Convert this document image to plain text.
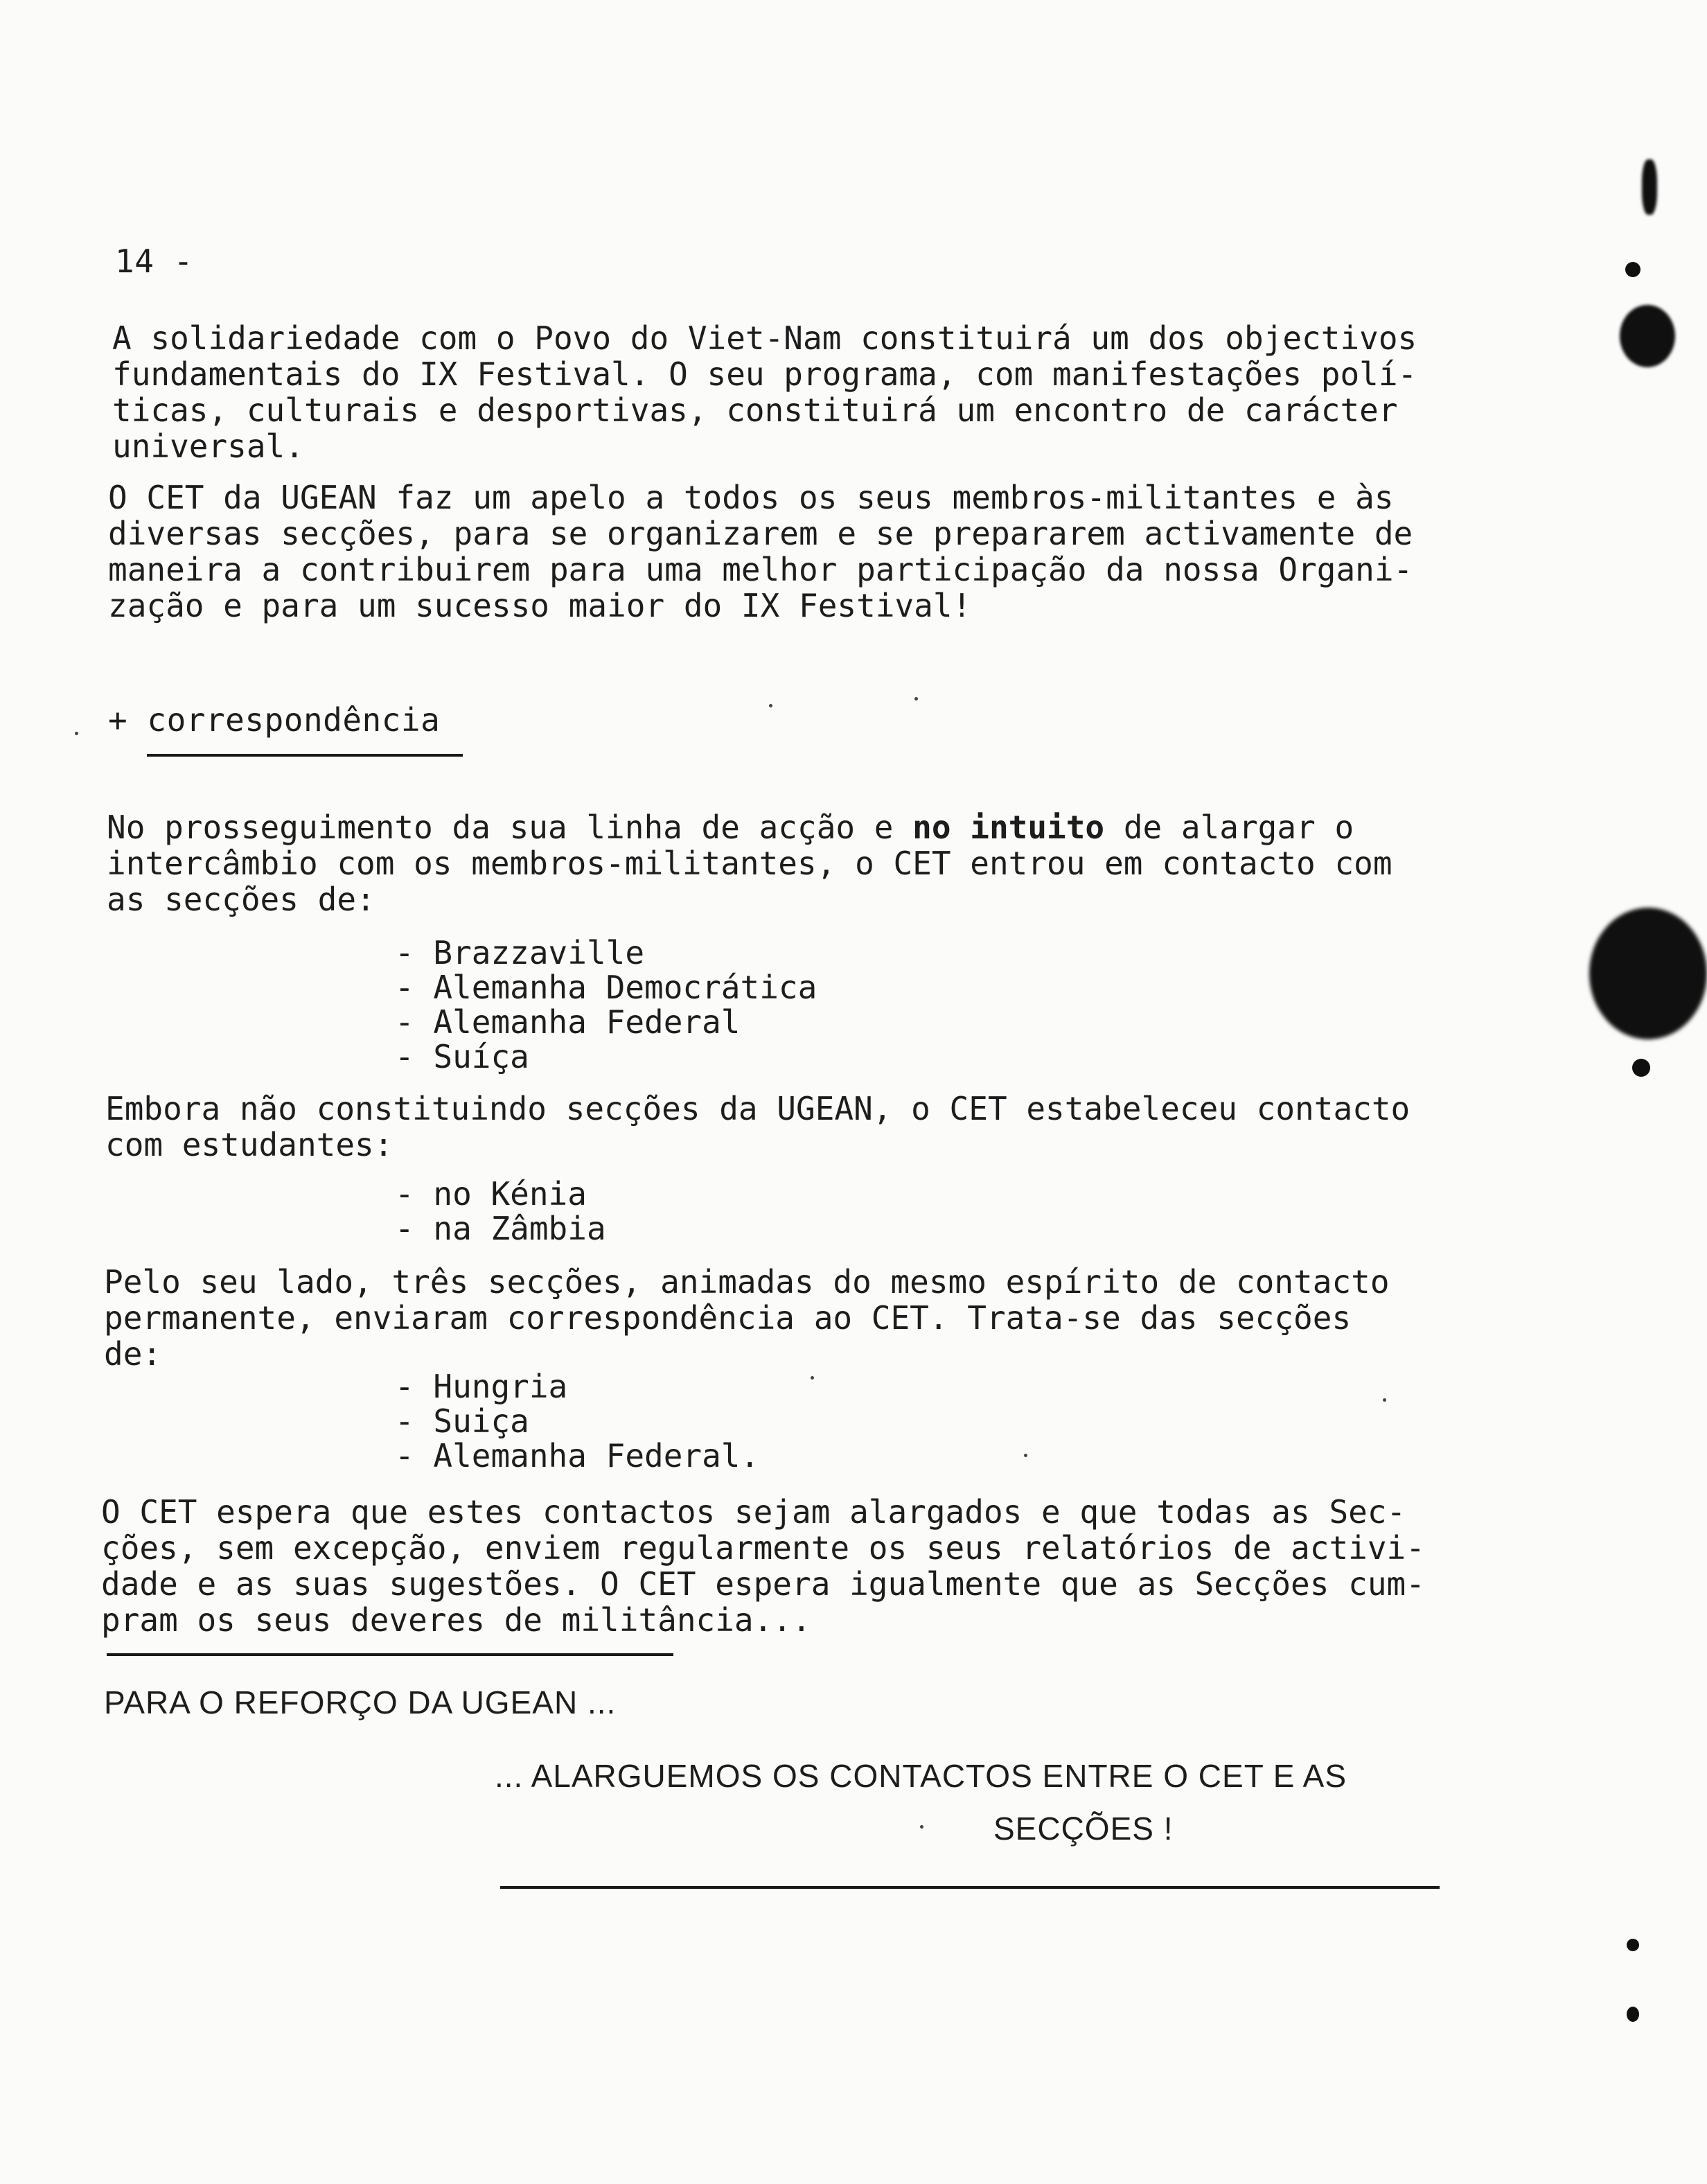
14 -

A solidariedade com o Povo do Viet-Nam constituirá um dos objectivos
fundamentais do IX Festival. O seu programa, com manifestações polí-
ticas, culturais e desportivas, constituirá um encontro de carácter
universal.
O CET da UGEAN faz um apelo a todos os seus membros-militantes e às
diversas secções, para se organizarem e se prepararem activamente de
maneira a contribuirem para uma melhor participação da nossa Organi-
zação e para um sucesso maior do IX Festival!

+ correspondência

No prosseguimento da sua linha de acção e no intuito de alargar o
intercâmbio com os membros-militantes, o CET entrou em contacto com
as secções de:
- Brazzaville
- Alemanha Democrática
- Alemanha Federal
- Suíça
Embora não constituindo secções da UGEAN, o CET estabeleceu contacto
com estudantes:
- no Kénia
- na Zâmbia
Pelo seu lado, três secções, animadas do mesmo espírito de contacto
permanente, enviaram correspondência ao CET. Trata-se das secções
de:
- Hungria
- Suiça
- Alemanha Federal.
O CET espera que estes contactos sejam alargados e que todas as Sec-
ções, sem excepção, enviem regularmente os seus relatórios de activi-
dade e as suas sugestões. O CET espera igualmente que as Secções cum-
pram os seus deveres de militância...

PARA O REFORÇO DA UGEAN ...

... ALARGUEMOS OS CONTACTOS ENTRE O CET E AS

SECÇÕES !
